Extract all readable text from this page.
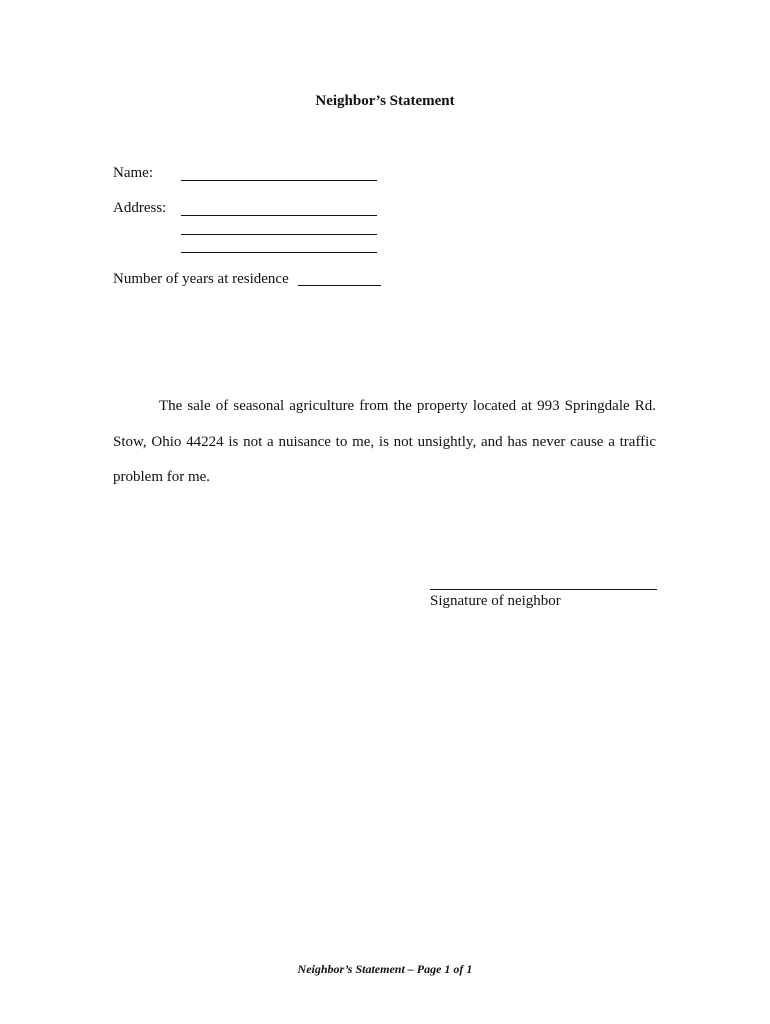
Neighbor’s Statement
Name:
Address:
Number of years at residence

The sale of seasonal agriculture from the property located at 993 Springdale Rd. Stow, Ohio 44224 is not a nuisance to me, is not unsightly, and has never cause a traffic problem for me.

Signature of neighbor
Neighbor’s Statement – Page 1 of 1
